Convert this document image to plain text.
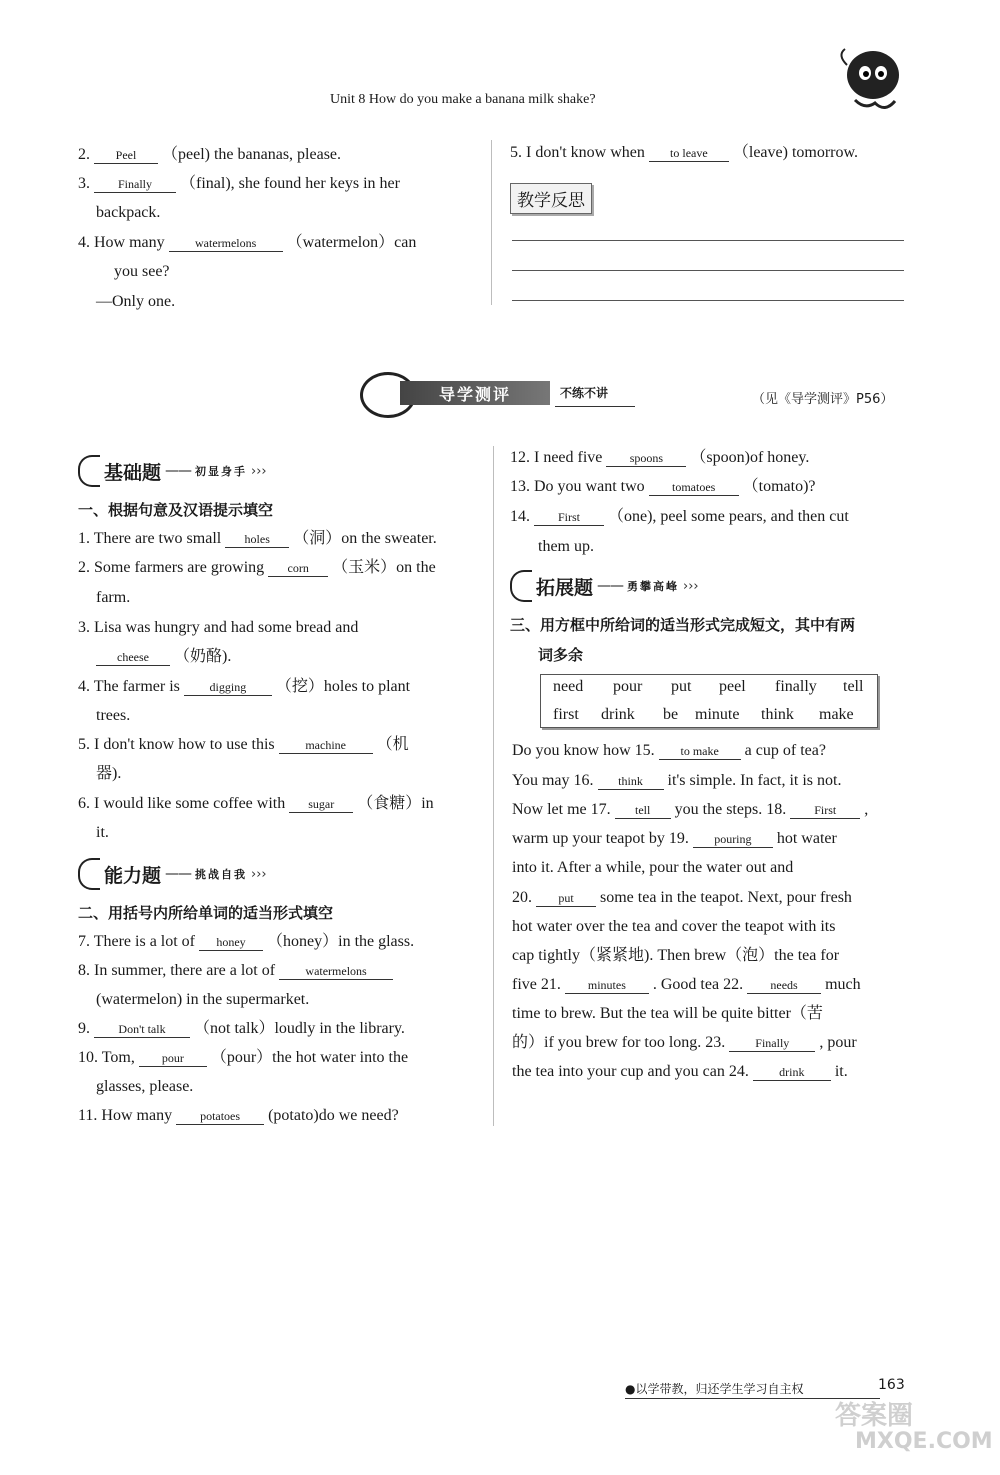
Unit 8 How do you make a banana milk shake?
2. Peel （peel) the bananas, please.
3. Finally （final), she found her keys in her
backpack.
4. How many watermelons （watermelon）can
you see?
—Only one.
5. I don't know when to leave （leave) tomorrow.
教学反思
导学测评	不练不讲	（见《导学测评》P56）
基础题 —— 初显身手 ›››
一、根据句意及汉语提示填空
1. There are two small holes （洞）on the sweater.
2. Some farmers are growing corn （玉米）on the
farm.
3. Lisa was hungry and had some bread and
cheese （奶酪).
4. The farmer is digging （挖）holes to plant
trees.
5. I don't know how to use this machine （机
器).
6. I would like some coffee with sugar （食糖）in
it.
能力题 —— 挑战自我 ›››
二、用括号内所给单词的适当形式填空
7. There is a lot of honey （honey）in the glass.
8. In summer, there are a lot of watermelons
(watermelon) in the supermarket.
9. Don't talk （not talk）loudly in the library.
10. Tom, pour （pour）the hot water into the
glasses, please.
11. How many potatoes (potato)do we need?
12. I need five spoons （spoon)of honey.
13. Do you want two tomatoes （tomato)?
14. First （one), peel some pears, and then cut
them up.
拓展题 —— 勇攀高峰 ›››
三、用方框中所给词的适当形式完成短文，其中有两
词多余
need	pour	put	peel	finally	tell
first	drink	be	minute	think	make
Do you know how 15. to make a cup of tea?
You may 16. think it's simple. In fact, it is not.
Now let me 17. tell you the steps. 18. First ,
warm up your teapot by 19. pouring hot water
into it. After a while, pour the water out and
20. put some tea in the teapot. Next, pour fresh
hot water over the tea and cover the teapot with its
cap tightly（紧紧地). Then brew（泡）the tea for
five 21. minutes . Good tea 22. needs much
time to brew. But the tea will be quite bitter（苦
的）if you brew for too long. 23. Finally , pour
the tea into your cup and you can 24. drink it.
●以学带教，归还学生学习自主权	163
答案圈
MXQE.COM
